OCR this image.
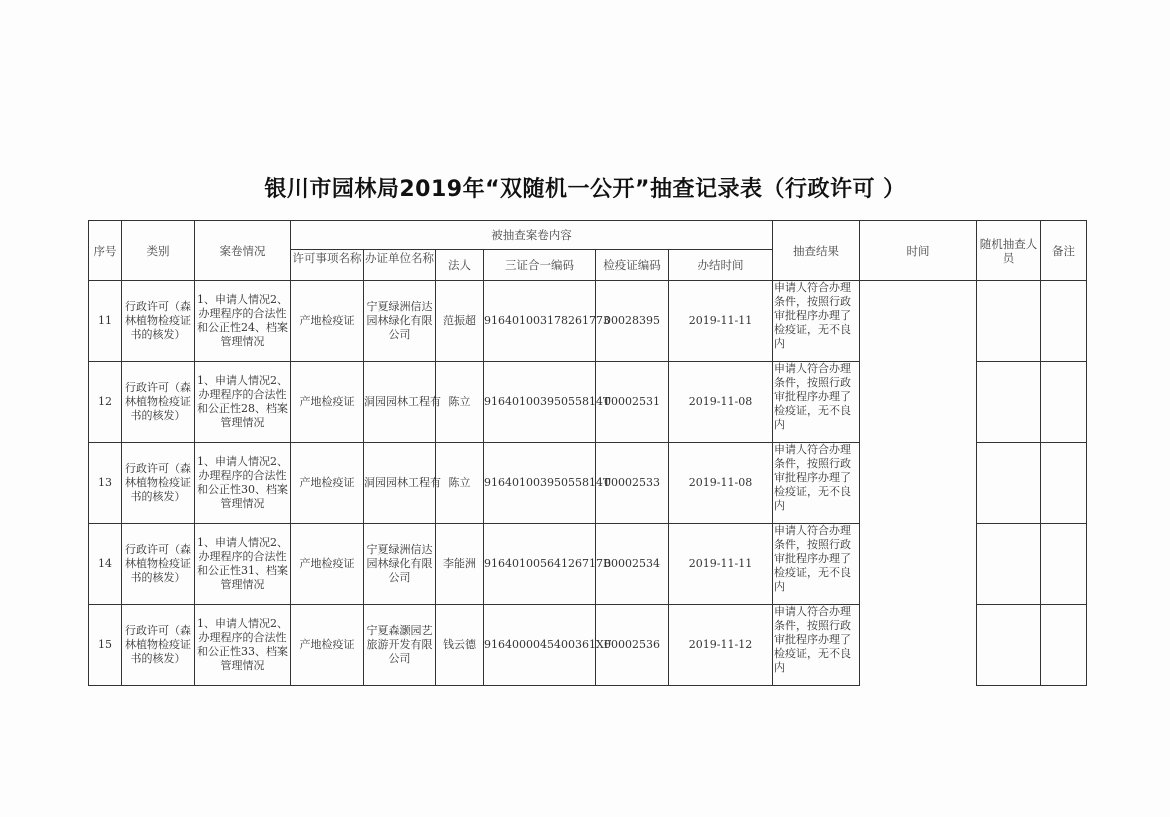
银川市园林局2019年“双随机一公开”抽查记录表（行政许可 ）
序号	类别	案卷情况	被抽查案卷内容						抽查结果	时间	随机抽查人员	备注

			许可事项名称	办证单位名称	法人	三证合一编码	检疫证编码	办结时间				
11	行政许可（森林植物检疫证书的核发）	1、申请人情况2、办理程序的合法性和公正性24、档案管理情况	产地检疫证	宁夏绿洲信达园林绿化有限公司	范振超	916401003178261773	00028395	2019-11-11	申请人符合办理条件，按照行政审批程序办理了检疫证，无不良内			

12	行政许可（森林植物检疫证书的核发）	1、申请人情况2、办理程序的合法性和公正性28、档案管理情况	产地检疫证	洞园园林工程有	陈立	91640100395055814T	00002531	2019-11-08	申请人符合办理条件，按照行政审批程序办理了检疫证，无不良内			

13	行政许可（森林植物检疫证书的核发）	1、申请人情况2、办理程序的合法性和公正性30、档案管理情况	产地检疫证	洞园园林工程有	陈立	91640100395055814T	00002533	2019-11-08	申请人符合办理条件，按照行政审批程序办理了检疫证，无不良内			

14	行政许可（森林植物检疫证书的核发）	1、申请人情况2、办理程序的合法性和公正性31、档案管理情况	产地检疫证	宁夏绿洲信达园林绿化有限公司	李能洲	91640100564126717B	00002534	2019-11-11	申请人符合办理条件，按照行政审批程序办理了检疫证，无不良内			

15	行政许可（森林植物检疫证书的核发）	1、申请人情况2、办理程序的合法性和公正性33、档案管理情况	产地检疫证	宁夏森灏园艺旅游开发有限公司	钱云德	9164000045400361XF	00002536	2019-11-12	申请人符合办理条件，按照行政审批程序办理了检疫证，无不良内			
